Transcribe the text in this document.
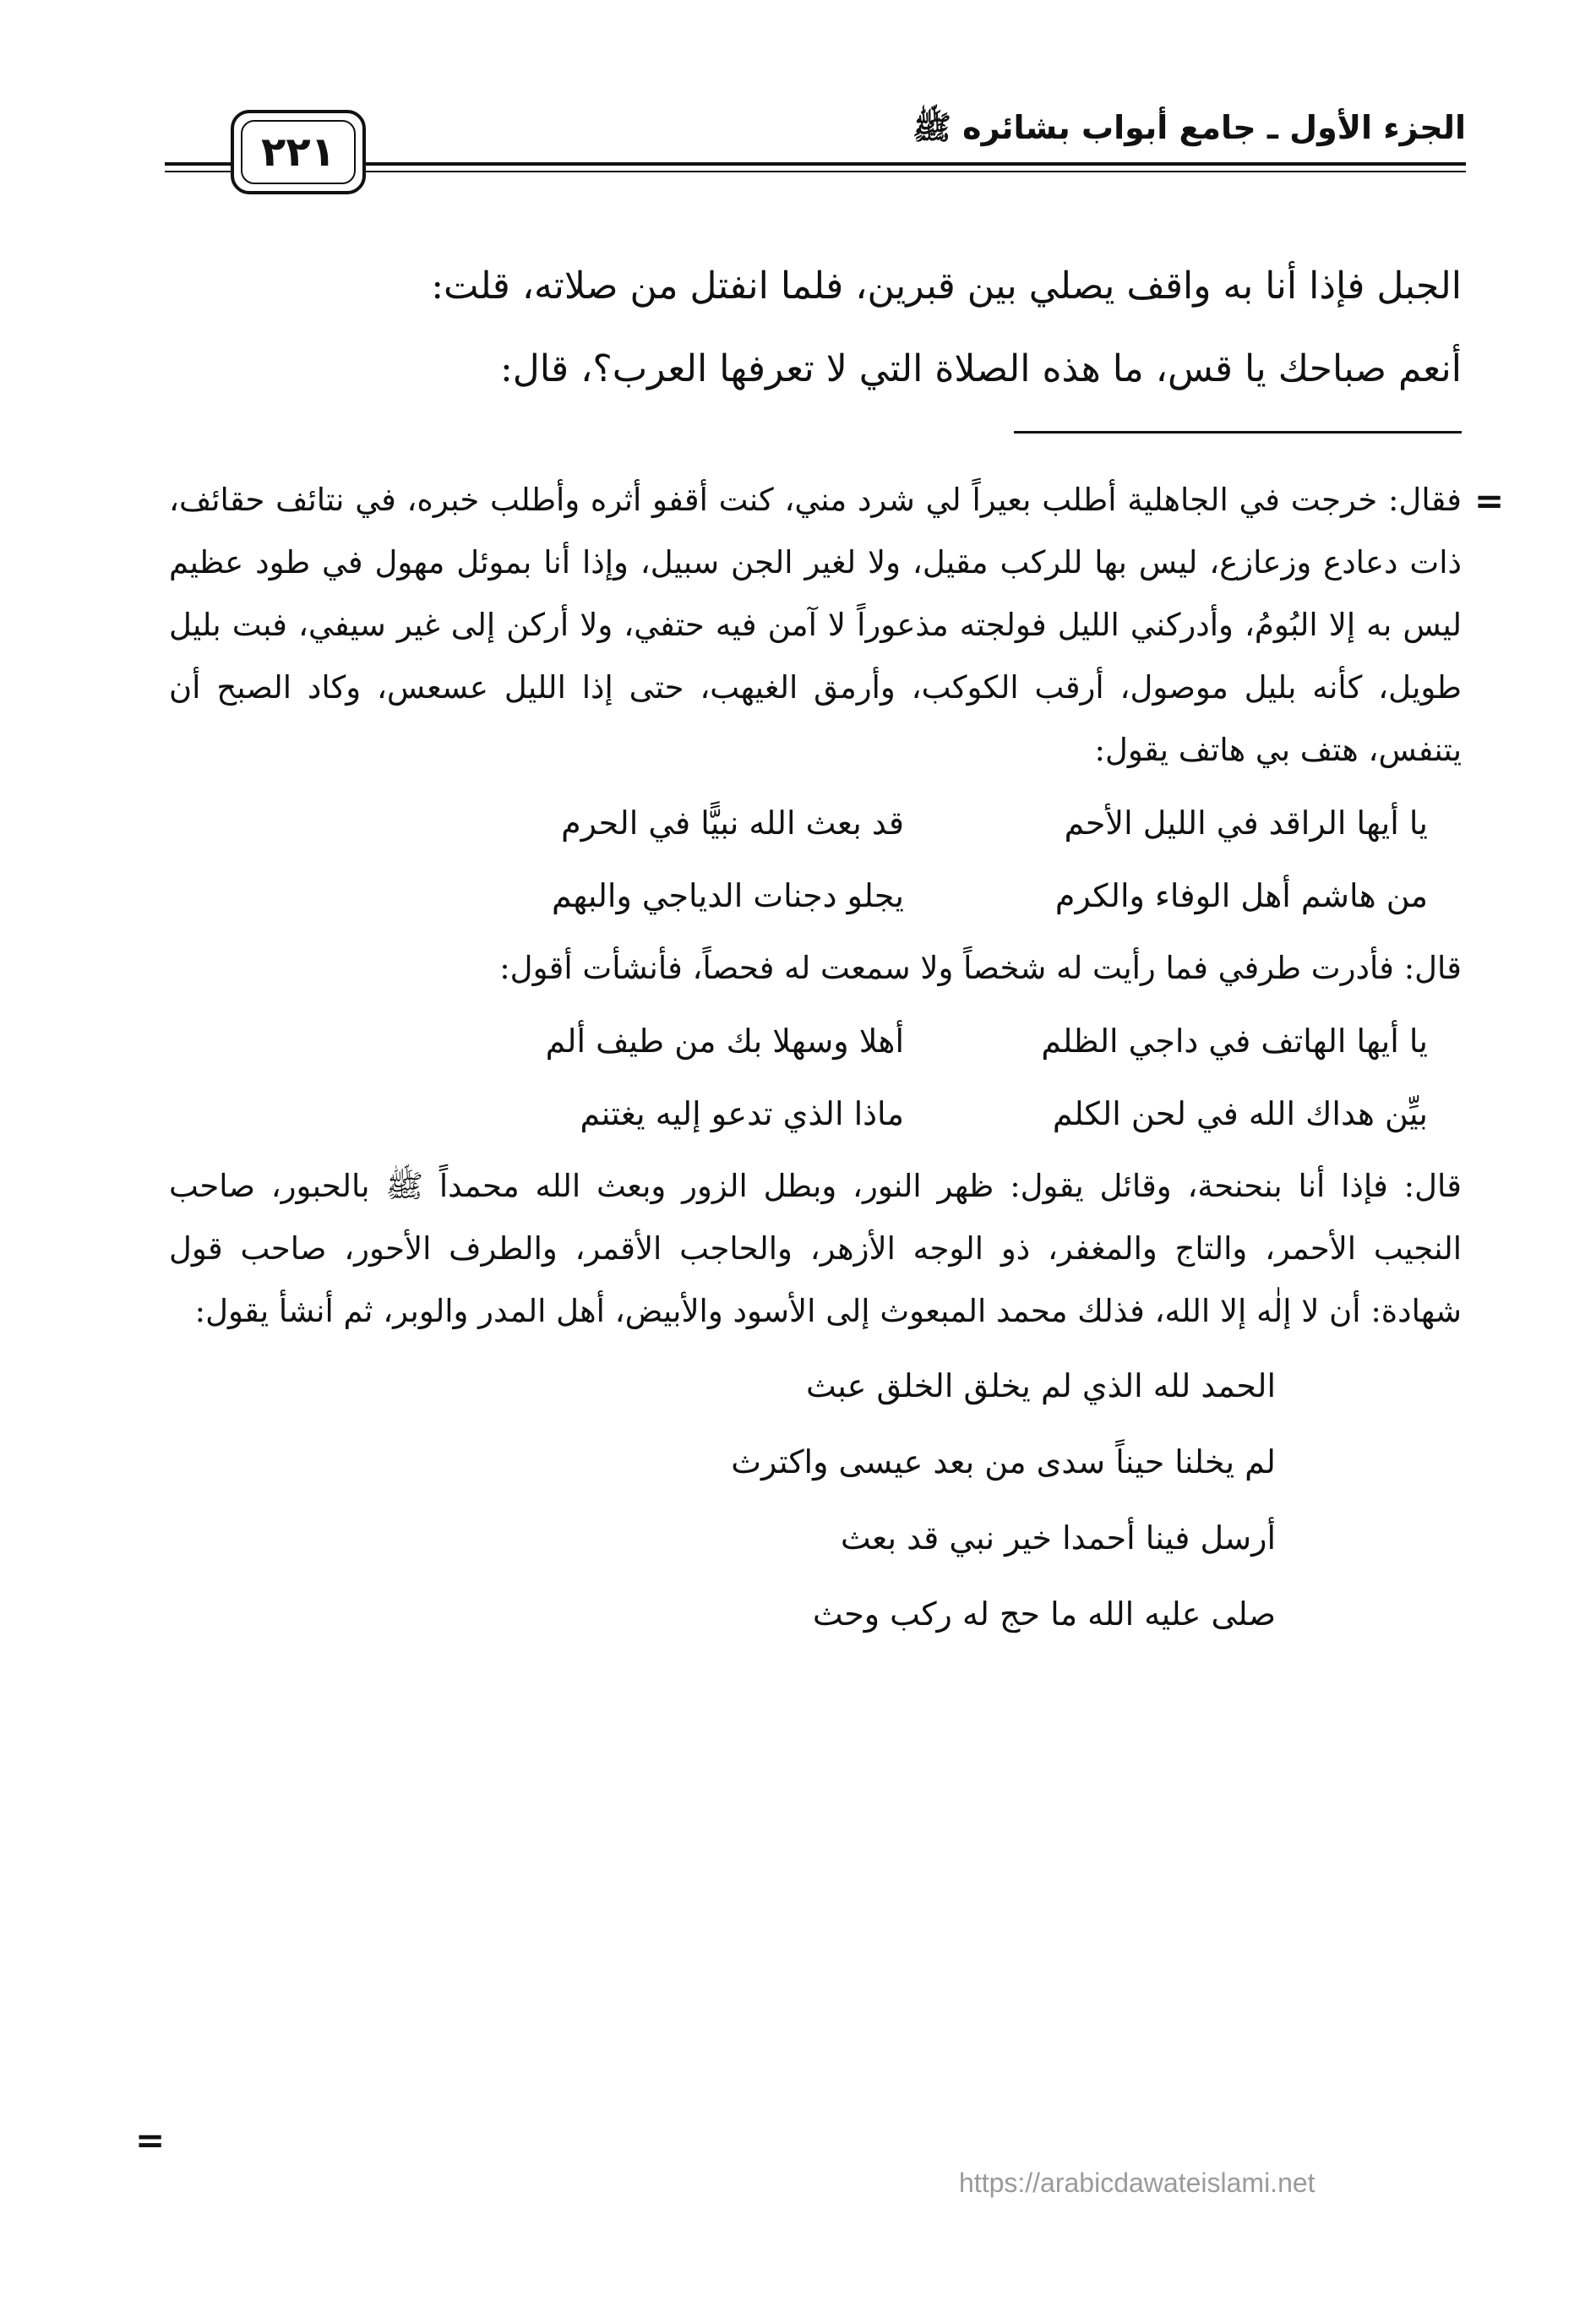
الجزء الأول ـ جامع أبواب بشائره ﷺ
٢٢١
الجبل فإذا أنا به واقف يصلي بين قبرين، فلما انفتل من صلاته، قلت:
أنعم صباحك يا قس، ما هذه الصلاة التي لا تعرفها العرب؟، قال:
=

فقال: خرجت في الجاهلية أطلب بعيراً لي شرد مني، كنت أقفو أثره وأطلب خبره، في نتائف حقائف، ذات دعادع وزعازع، ليس بها للركب مقيل، ولا لغير الجن سبيل، وإذا أنا بموئل مهول في طود عظيم ليس به إلا البُومُ، وأدركني الليل فولجته مذعوراً لا آمن فيه حتفي، ولا أركن إلى غير سيفي، فبت بليل طويل، كأنه بليل موصول، أرقب الكوكب، وأرمق الغيهب، حتى إذا الليل عسعس، وكاد الصبح أن يتنفس، هتف بي هاتف يقول:

يا أيها الراقد في الليل الأحم	قد بعث الله نبيًّا في الحرم
من هاشم أهل الوفاء والكرم	يجلو دجنات الدياجي والبهم

قال: فأدرت طرفي فما رأيت له شخصاً ولا سمعت له فحصاً، فأنشأت أقول:

يا أيها الهاتف في داجي الظلم	أهلا وسهلا بك من طيف ألم
بيِّن هداك الله في لحن الكلم	ماذا الذي تدعو إليه يغتنم

قال: فإذا أنا بنحنحة، وقائل يقول: ظهر النور، وبطل الزور وبعث الله محمداً ﷺ بالحبور، صاحب النجيب الأحمر، والتاج والمغفر، ذو الوجه الأزهر، والحاجب الأقمر، والطرف الأحور، صاحب قول شهادة: أن لا إلٰه إلا الله، فذلك محمد المبعوث إلى الأسود والأبيض، أهل المدر والوبر، ثم أنشأ يقول:

الحمد لله الذي لم يخلق الخلق عبث
لم يخلنا حيناً سدى من بعد عيسى واكترث
أرسل فينا أحمدا خير نبي قد بعث
صلى عليه الله ما حج له ركب وحث
=
https://arabicdawateislami.net
